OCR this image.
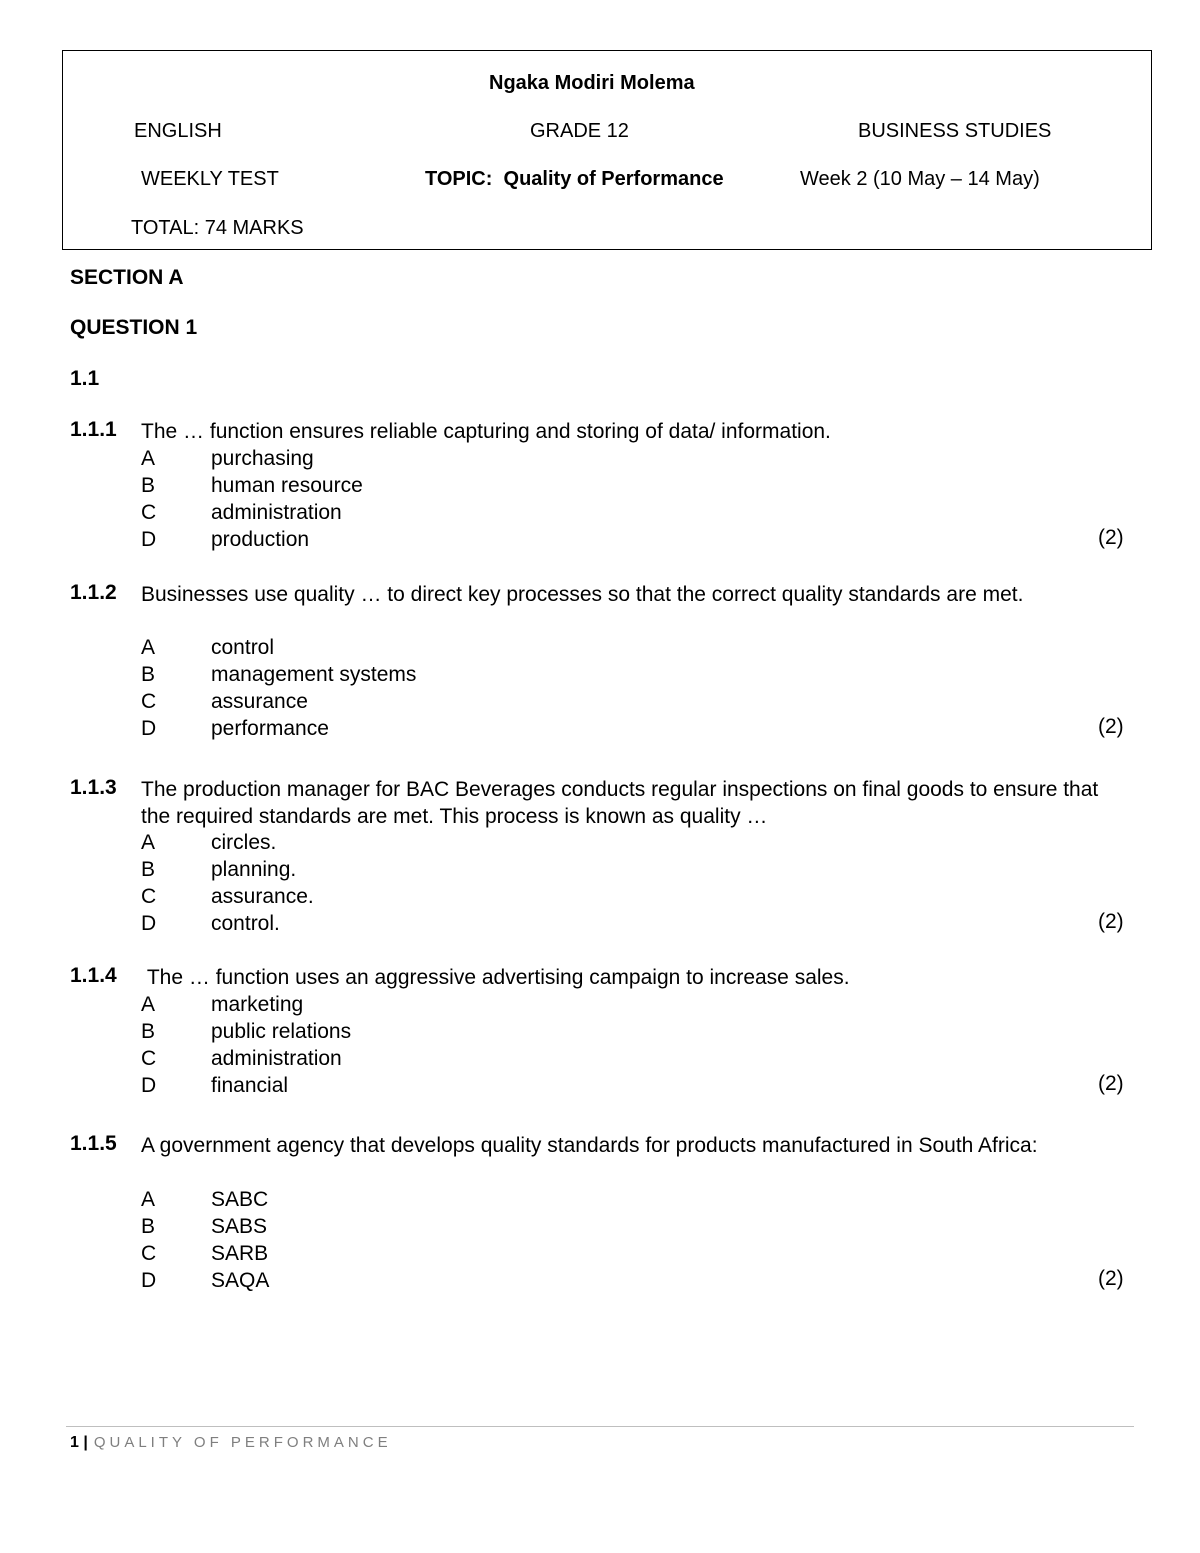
Ngaka Modiri Molema
ENGLISH	GRADE 12	BUSINESS STUDIES
WEEKLY TEST	TOPIC:  Quality of Performance	Week 2 (10 May – 14 May)
TOTAL: 74 MARKS
SECTION A
QUESTION 1
1.1
1.1.1 The … function ensures reliable capturing and storing of data/ information.
A	purchasing
B	human resource
C	administration
D	production	(2)
1.1.2 Businesses use quality … to direct key processes so that the correct quality standards are met.
A	control
B	management systems
C	assurance
D	performance	(2)
1.1.3 The production manager for BAC Beverages conducts regular inspections on final goods to ensure that the required standards are met. This process is known as quality …
A	circles.
B	planning.
C	assurance.
D	control.	(2)
1.1.4 The … function uses an aggressive advertising campaign to increase sales.
A	marketing
B	public relations
C	administration
D	financial	(2)
1.1.5 A government agency that develops quality standards for products manufactured in South Africa:
A	SABC
B	SABS
C	SARB
D	SAQA	(2)
1 | QUALITY OF PERFORMANCE
